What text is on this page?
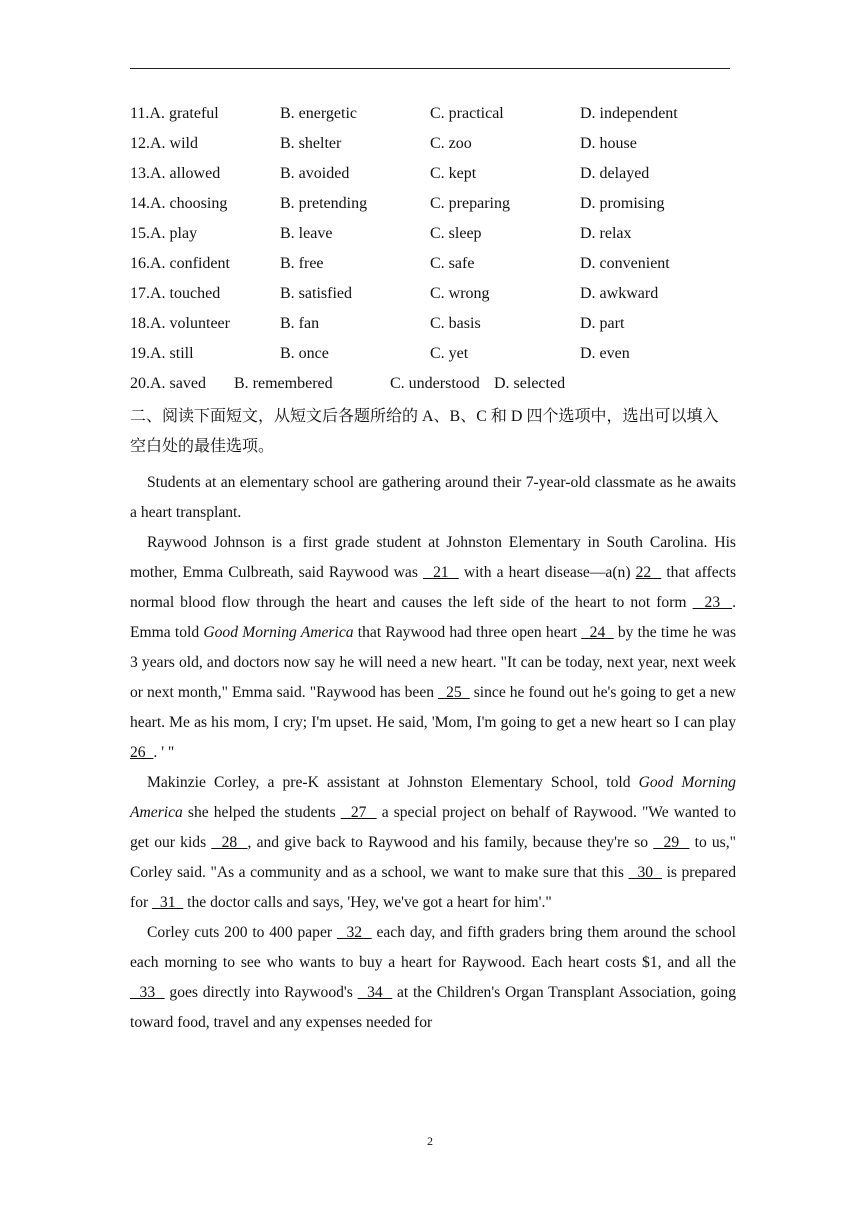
11.A. grateful	B. energetic	C. practical	D. independent
12.A. wild	B. shelter	C. zoo	D. house
13.A. allowed	B. avoided	C. kept	D. delayed
14.A. choosing	B. pretending	C. preparing	D. promising
15.A. play	B. leave	C. sleep	D. relax
16.A. confident	B. free	C. safe	D. convenient
17.A. touched	B. satisfied	C. wrong	D. awkward
18.A. volunteer	B. fan	C. basis	D. part
19.A. still	B. once	C. yet	D. even
20.A. saved B. remembered	C. understood D. selected
二、阅读下面短文，从短文后各题所给的 A、B、C 和 D 四个选项中，选出可以填入空白处的最佳选项。

Students at an elementary school are gathering around their 7-year-old classmate as he awaits a heart transplant.

Raywood Johnson is a first grade student at Johnston Elementary in South Carolina. His mother, Emma Culbreath, said Raywood was   21   with a heart disease—a(n) 22   that affects normal blood flow through the heart and causes the left side of the heart to not form   23  . Emma told Good Morning America that Raywood had three open heart   24   by the time he was 3 years old, and doctors now say he will need a new heart. "It can be today, next year, next week or next month," Emma said. "Raywood has been   25   since he found out he's going to get a new heart. Me as his mom, I cry; I'm upset. He said, 'Mom, I'm going to get a new heart so I can play 26  . ' "

Makinzie Corley, a pre-K assistant at Johnston Elementary School, told Good Morning America she helped the students   27   a special project on behalf of Raywood. "We wanted to get our kids   28  , and give back to Raywood and his family, because they're so   29   to us," Corley said. "As a community and as a school, we want to make sure that this   30   is prepared for   31   the doctor calls and says, 'Hey, we've got a heart for him'."

Corley cuts 200 to 400 paper   32   each day, and fifth graders bring them around the school each morning to see who wants to buy a heart for Raywood. Each heart costs $1, and all the   33   goes directly into Raywood's   34   at the Children's Organ Transplant Association, going toward food, travel and any expenses needed for

2
